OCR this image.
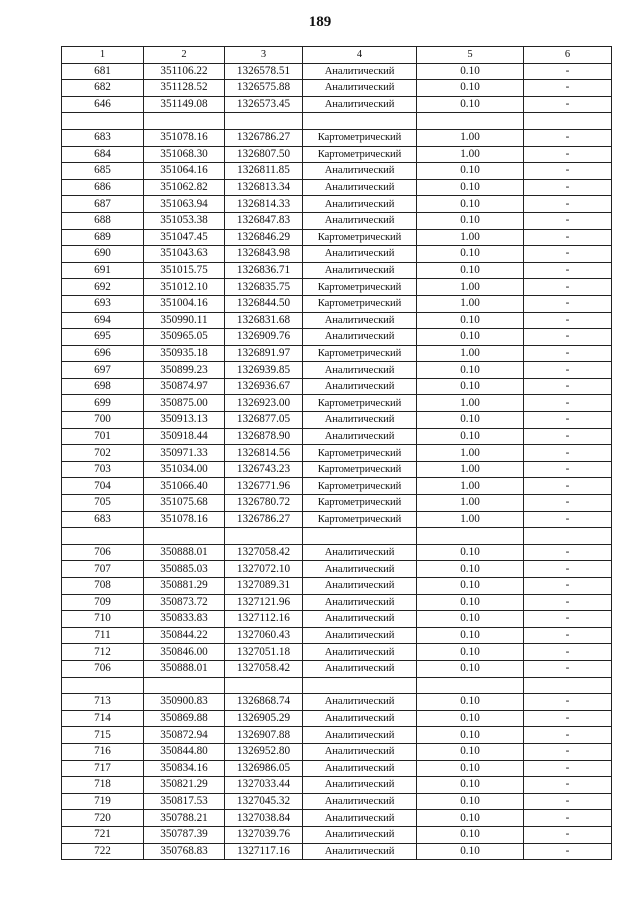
189
1	2	3	4	5	6
681	351106.22	1326578.51	Аналитический	0.10	-
682	351128.52	1326575.88	Аналитический	0.10	-
646	351149.08	1326573.45	Аналитический	0.10	-

683	351078.16	1326786.27	Картометрический	1.00	-
684	351068.30	1326807.50	Картометрический	1.00	-
685	351064.16	1326811.85	Аналитический	0.10	-
686	351062.82	1326813.34	Аналитический	0.10	-
687	351063.94	1326814.33	Аналитический	0.10	-
688	351053.38	1326847.83	Аналитический	0.10	-
689	351047.45	1326846.29	Картометрический	1.00	-
690	351043.63	1326843.98	Аналитический	0.10	-
691	351015.75	1326836.71	Аналитический	0.10	-
692	351012.10	1326835.75	Картометрический	1.00	-
693	351004.16	1326844.50	Картометрический	1.00	-
694	350990.11	1326831.68	Аналитический	0.10	-
695	350965.05	1326909.76	Аналитический	0.10	-
696	350935.18	1326891.97	Картометрический	1.00	-
697	350899.23	1326939.85	Аналитический	0.10	-
698	350874.97	1326936.67	Аналитический	0.10	-
699	350875.00	1326923.00	Картометрический	1.00	-
700	350913.13	1326877.05	Аналитический	0.10	-
701	350918.44	1326878.90	Аналитический	0.10	-
702	350971.33	1326814.56	Картометрический	1.00	-
703	351034.00	1326743.23	Картометрический	1.00	-
704	351066.40	1326771.96	Картометрический	1.00	-
705	351075.68	1326780.72	Картометрический	1.00	-
683	351078.16	1326786.27	Картометрический	1.00	-

706	350888.01	1327058.42	Аналитический	0.10	-
707	350885.03	1327072.10	Аналитический	0.10	-
708	350881.29	1327089.31	Аналитический	0.10	-
709	350873.72	1327121.96	Аналитический	0.10	-
710	350833.83	1327112.16	Аналитический	0.10	-
711	350844.22	1327060.43	Аналитический	0.10	-
712	350846.00	1327051.18	Аналитический	0.10	-
706	350888.01	1327058.42	Аналитический	0.10	-

713	350900.83	1326868.74	Аналитический	0.10	-
714	350869.88	1326905.29	Аналитический	0.10	-
715	350872.94	1326907.88	Аналитический	0.10	-
716	350844.80	1326952.80	Аналитический	0.10	-
717	350834.16	1326986.05	Аналитический	0.10	-
718	350821.29	1327033.44	Аналитический	0.10	-
719	350817.53	1327045.32	Аналитический	0.10	-
720	350788.21	1327038.84	Аналитический	0.10	-
721	350787.39	1327039.76	Аналитический	0.10	-
722	350768.83	1327117.16	Аналитический	0.10	-
